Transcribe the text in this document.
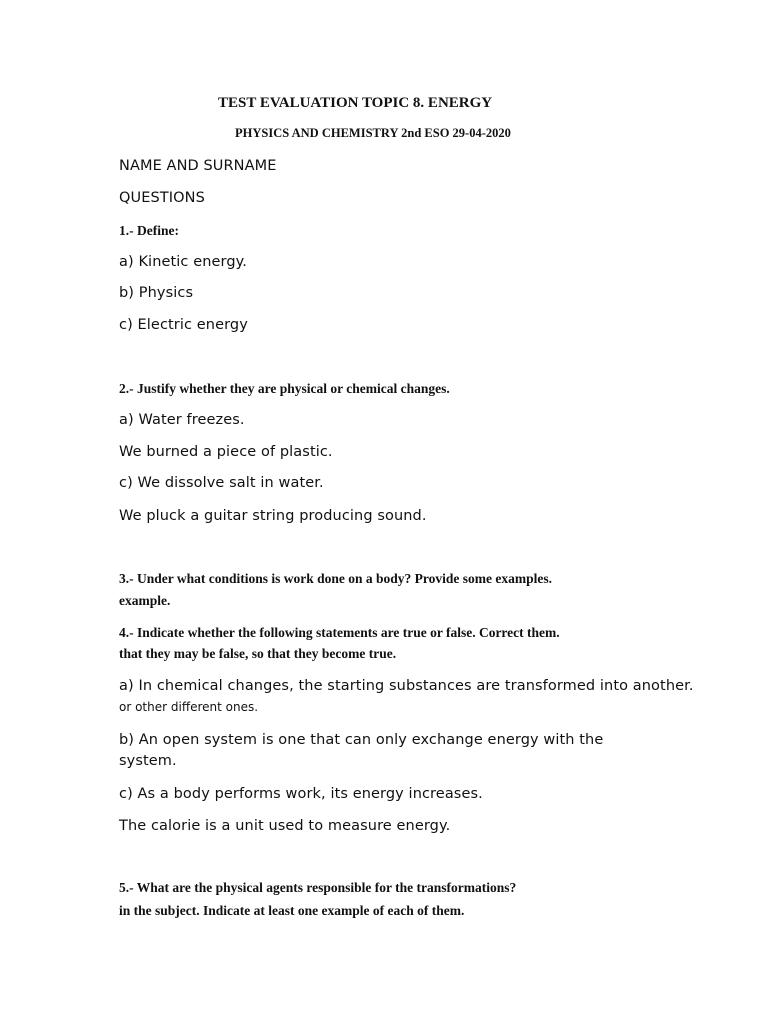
TEST EVALUATION TOPIC 8. ENERGY
PHYSICS AND CHEMISTRY 2nd ESO 29-04-2020
NAME AND SURNAME
QUESTIONS
1.- Define:
a) Kinetic energy.
b) Physics
c) Electric energy
2.- Justify whether they are physical or chemical changes.
a) Water freezes.
We burned a piece of plastic.
c) We dissolve salt in water.
We pluck a guitar string producing sound.
3.- Under what conditions is work done on a body? Provide some examples.
example.
4.- Indicate whether the following statements are true or false. Correct them.
that they may be false, so that they become true.
a) In chemical changes, the starting substances are transformed into another.
or other different ones.
b) An open system is one that can only exchange energy with the
system.
c) As a body performs work, its energy increases.
The calorie is a unit used to measure energy.
5.- What are the physical agents responsible for the transformations?
in the subject. Indicate at least one example of each of them.
